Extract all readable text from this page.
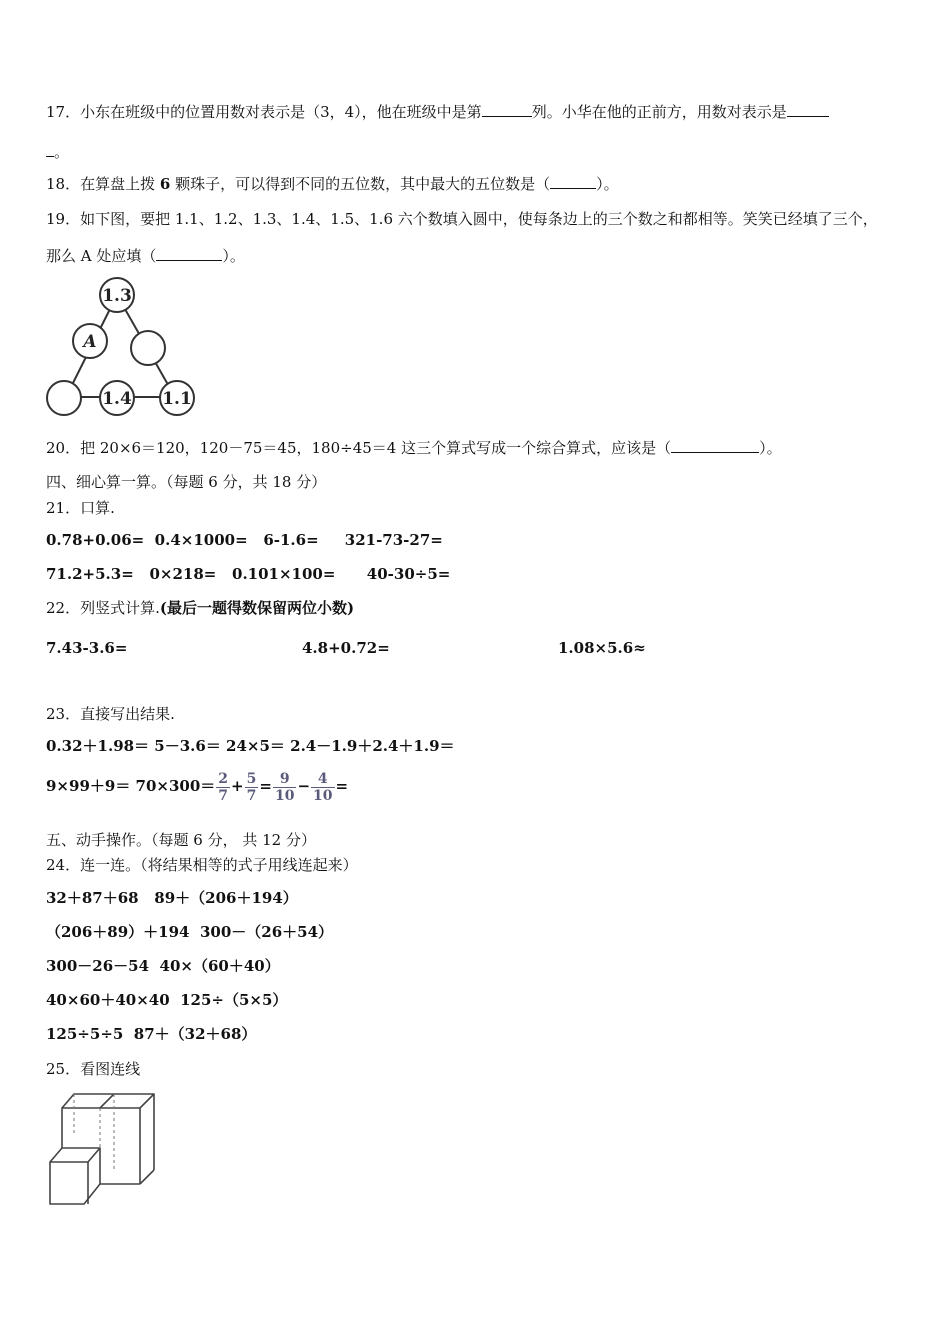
17．小东在班级中的位置用数对表示是（3，4），他在班级中是第	列。小华在他的正前方，用数对表示是
。
18．在算盘上拨 6 颗珠子，可以得到不同的五位数，其中最大的五位数是（	）。
19．如下图，要把 1.1、1.2、1.3、1.4、1.5、1.6 六个数填入圆中，使每条边上的三个数之和都相等。笑笑已经填了三个，
那么 A 处应填（	）。
1.3
A
1.4 1.1
20．把 20×6＝120，120－75＝45，180÷45＝4 这三个算式写成一个综合算式，应该是（	）。
四、细心算一算。（每题 6 分，共 18 分）
21．口算.
0.78+0.06= 0.4×1000= 6-1.6= 321-73-27=
71.2+5.3= 0×218= 0.101×100= 40-30÷5=
22．列竖式计算.(最后一题得数保留两位小数)
7.43-3.6=	4.8+0.72=	1.08×5.6≈
23．直接写出结果.
0.32＋1.98＝ 5－3.6＝ 24×5＝ 2.4－1.9＋2.4＋1.9＝
$9\times 99+9= 70\times 300= \frac{2}{7} + \frac{5}{7} = \frac{9}{10} - \frac{4}{10}$ =
五、动手操作。（每题 6 分， 共 12 分）
24．连一连。（将结果相等的式子用线连起来）
32＋87＋68 89＋（206＋194）
（206＋89）＋194 300－（26＋54）
300－26－54 40×（60＋40）
40×60＋40×40 125÷（5×5）
125÷5÷5 87＋（32＋68）
25．看图连线
